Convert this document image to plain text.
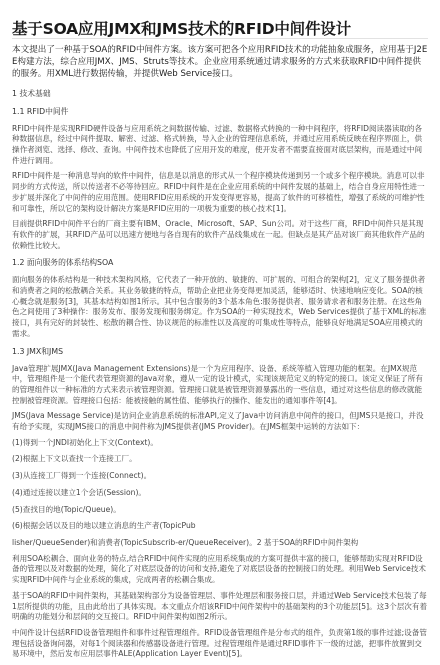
基于SOA应用JMX和JMS技术的RFID中间件设计

本文提出了一种基于SOA的RFID中间件方案。该方案可把各个应用RFID技术的功能抽象成服务，应用基于J2EE构建方法，综合应用JMX、JMS、Struts等技术。企业应用系统通过请求服务的方式来获取RFID中间件提供的服务。用XML进行数据传输，并提供Web Service接口。

1 技术基础

1.1 RFID中间件

RFID中间件是实现RFID硬件设备与应用系统之间数据传输、过滤、数据格式转换的一种中间程序，将RFID阅读器读取的各种数据信息，经过中间件提取、解密、过滤、格式转换，导入企业的管理信息系统，并通过应用系统反映在程序界面上，供操作者浏览、选择、修改、查询。中间件技术也降低了应用开发的难度，使开发者不需要直接面对底层架构，而是通过中间件进行调用。

RFID中间件是一种消息导向的软件中间件，信息是以消息的形式从一个程序模块传递到另一个或多个程序模块。消息可以非同步的方式传送，所以传送者不必等待回应。RFID中间件是在企业应用系统的中间件发展的基础上，结合自身应用特性进一步扩展并深化了中间件的应用范围。使用RFID应用系统的开发变得更容易，提高了软件的可移植性，增强了系统的可维护性和可靠性，所以它的架构设计解决方案是RFID应用的一项极为重要的核心技术[1]。

目前提供RFID中间件平台的厂商主要有IBM、Oracle、Microsoft、SAP、Sun公司。对于这些厂商，RFID中间件只是其现有软件的扩展，其RFID产品可以迅速方便地与各自现有的软件产品线集成在一起。但缺点是其产品对该厂商其他软件产品的依赖性比较大。

1.2 面向服务的体系结构SOA

面向服务的体系结构是一种技术架构风格，它代表了一种开放的、敏捷的、可扩展的、可组合的架构[2]，定义了服务提供者和消费者之间的松散耦合关系。其业务敏捷的特点，帮助企业把业务变得更加灵活，能够适时、快速地响应变化。SOA的核心概念就是服务[3]，其基本结构如图1所示。其中包含服务的3个基本角色:服务提供者、服务请求者和服务注册。在这些角色之间使用了3种操作：服务发布、服务发现和服务绑定。作为SOA的一种实现技术，Web Services提供了基于XML的标准接口，具有完好的封装性、松散的耦合性、协议规范的标准性以及高度的可集成性等特点，能够良好地满足SOA应用模式的需求。

1.3 JMX和JMS

Java管理扩展JMX(Java Management Extensions)是一个为应用程序、设备、系统等植入管理功能的框架。在JMX规范中，管理组件是一个能代表管理资源的Java对象，遵从一定的设计模式，实现该规范定义的特定的接口。该定义保证了所有的管理组件以一种标准的方式来表示被管理资源。管理接口就是被管理资源暴露出的一些信息，通过对这些信息的修改就能控制被管理资源。管理接口包括：能被接触的属性值、能够执行的操作、能发出的通知事件等[4]。

JMS(Java Message Service)是访问企业消息系统的标准API,定义了Java中访问消息中间件的接口，但JMS只是接口，并没有给予实现，实现JMS接口的消息中间件称为JMS提供者(JMS Provider)。在JMS框架中运转的方法如下：

(1)得到一个JNDI初始化上下文(Context)。

(2)根据上下文以查找一个连接工厂。

(3)从连接工厂得到一个连接(Connect)。

(4)通过连接以建立1个会话(Session)。

(5)查找目的地(Topic/Queue)。

(6)根据会话以及目的地以建立消息的生产者(TopicPub

lisher/QueueSender)和消费者(TopicSubscrib-er/QueueReceiver)。2 基于SOA的RFID中间件架构

利用SOA松耦合、面向业务的特点,结合RFID中间件实现的应用系统集成的方案可提供丰富的接口，能够帮助实现对RFID设备的管理以及对数据的处理，简化了对底层设备的访问和支持,避免了对底层设备的控制接口的处理。利用Web Service技术实现RFID中间件与企业系统的集成，完成两者的松耦合集成。

基于SOA的RFID中间件架构，其基础架构部分为设备管理层、事件处理层和服务接口层，并通过Web Service技术包装了每1层所提供的功能，且由此给出了具体实现。本文重点介绍该RFID中间件架构中的基础架构的3个功能层[5]。这3个层次有着明确的功能划分和层间的交互接口。RFID中间件架构如图2所示。

中间件设计包括RFID设备管理组件和事件过程管理组件。RFID设备管理组件是分布式的组件，负责第1级的事件过滤;设备管理包括设备询问器，对每1个阅读器和传感器设备进行管理。过程管理组件是通过RFID事件下一级的过滤，把事件放置到交易环境中，然后发布应用层事件ALE(Application Layer Event)[5]。
